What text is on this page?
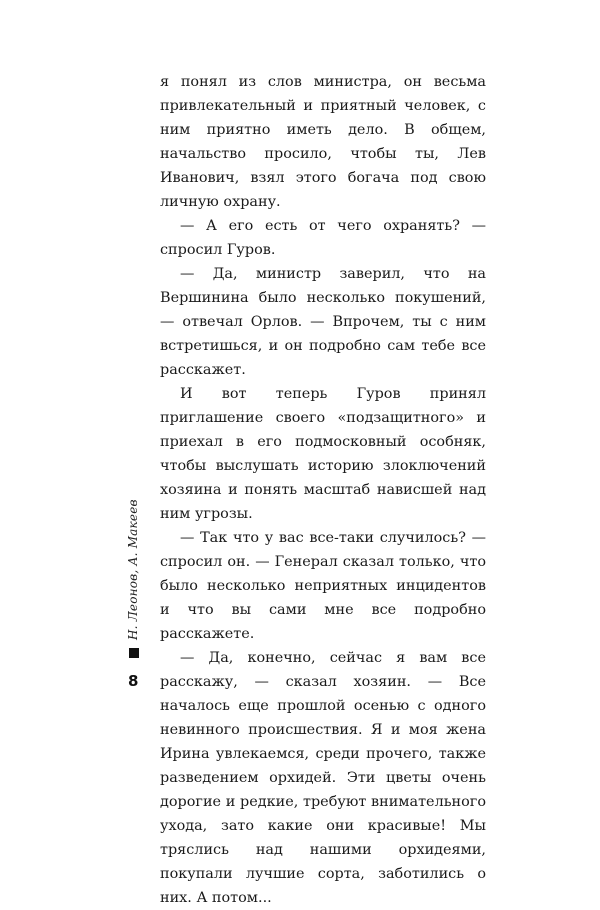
я понял из слов министра, он весьма привлекательный и приятный человек, с ним приятно иметь дело. В общем, начальство просило, чтобы ты, Лев Иванович, взял этого богача под свою личную охрану.

— А его есть от чего охранять? — спросил Гуров.

— Да, министр заверил, что на Вершинина было несколько покушений, — отвечал Орлов. — Впрочем, ты с ним встретишься, и он подробно сам тебе все расскажет.

И вот теперь Гуров принял приглашение своего «подзащитного» и приехал в его подмосковный особняк, чтобы выслушать историю злоключений хозяина и понять масштаб нависшей над ним угрозы.

— Так что у вас все-таки случилось? — спросил он. — Генерал сказал только, что было несколько неприятных инцидентов и что вы сами мне все подробно расскажете.

— Да, конечно, сейчас я вам все расскажу, — сказал хозяин. — Все началось еще прошлой осенью с одного невинного происшествия. Я и моя жена Ирина увлекаемся, среди прочего, также разведением орхидей. Эти цветы очень дорогие и редкие, требуют внимательного ухода, зато какие они красивые! Мы тряслись над нашими орхидеями, покупали лучшие сорта, заботились о них. А потом...

Н. Леонов, А. Макеев
8
